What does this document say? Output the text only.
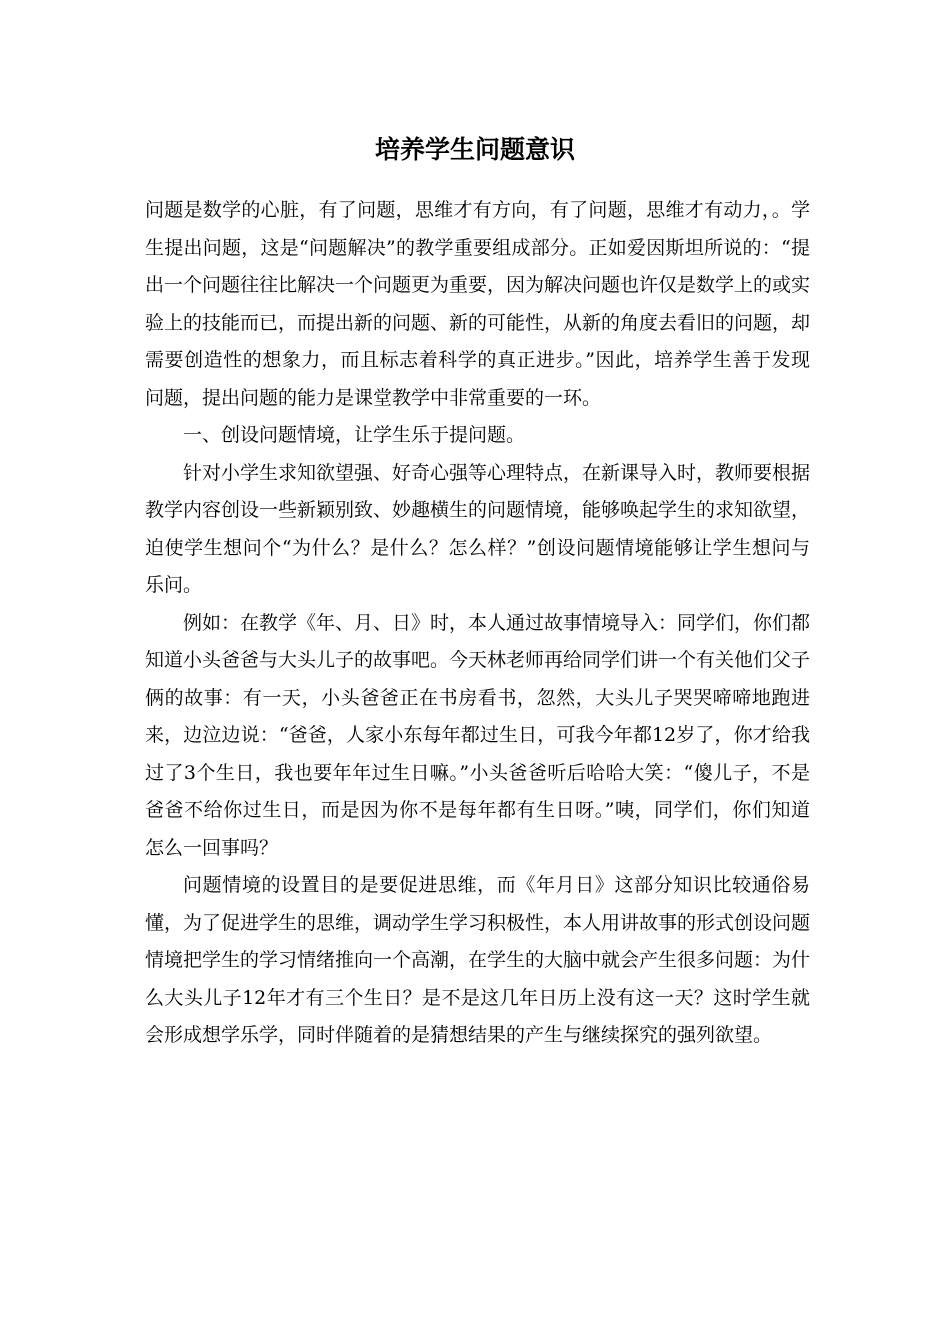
培养学生问题意识

问题是数学的心脏，有了问题，思维才有方向，有了问题，思维才有动力，。学生提出问题，这是“问题解决”的教学重要组成部分。正如爱因斯坦所说的：“提出一个问题往往比解决一个问题更为重要，因为解决问题也许仅是数学上的或实验上的技能而已，而提出新的问题、新的可能性，从新的角度去看旧的问题，却需要创造性的想象力，而且标志着科学的真正进步。”因此，培养学生善于发现问题，提出问题的能力是课堂教学中非常重要的一环。

一、创设问题情境，让学生乐于提问题。

针对小学生求知欲望强、好奇心强等心理特点，在新课导入时，教师要根据教学内容创设一些新颖别致、妙趣横生的问题情境，能够唤起学生的求知欲望，迫使学生想问个“为什么？是什么？怎么样？”创设问题情境能够让学生想问与乐问。

例如：在教学《年、月、日》时，本人通过故事情境导入：同学们，你们都知道小头爸爸与大头儿子的故事吧。今天林老师再给同学们讲一个有关他们父子俩的故事：有一天，小头爸爸正在书房看书，忽然，大头儿子哭哭啼啼地跑进来，边泣边说：“爸爸，人家小东每年都过生日，可我今年都12岁了，你才给我过了3个生日，我也要年年过生日嘛。”小头爸爸听后哈哈大笑：“傻儿子，不是爸爸不给你过生日，而是因为你不是每年都有生日呀。”咦，同学们，你们知道怎么一回事吗？

问题情境的设置目的是要促进思维，而《年月日》这部分知识比较通俗易懂，为了促进学生的思维，调动学生学习积极性，本人用讲故事的形式创设问题情境把学生的学习情绪推向一个高潮，在学生的大脑中就会产生很多问题：为什么大头儿子12年才有三个生日？是不是这几年日历上没有这一天？这时学生就会形成想学乐学，同时伴随着的是猜想结果的产生与继续探究的强列欲望。
